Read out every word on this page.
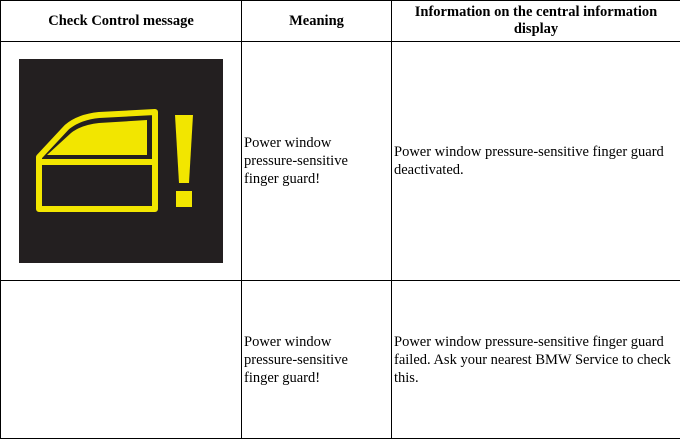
Check Control message	Meaning	Information on the central information display

	Power window pressure-sensitive finger guard!	Power window pressure-sensitive finger guard deactivated.
	Power window pressure-sensitive finger guard!	Power window pressure-sensitive finger guard failed. Ask your nearest BMW Service to check this.
